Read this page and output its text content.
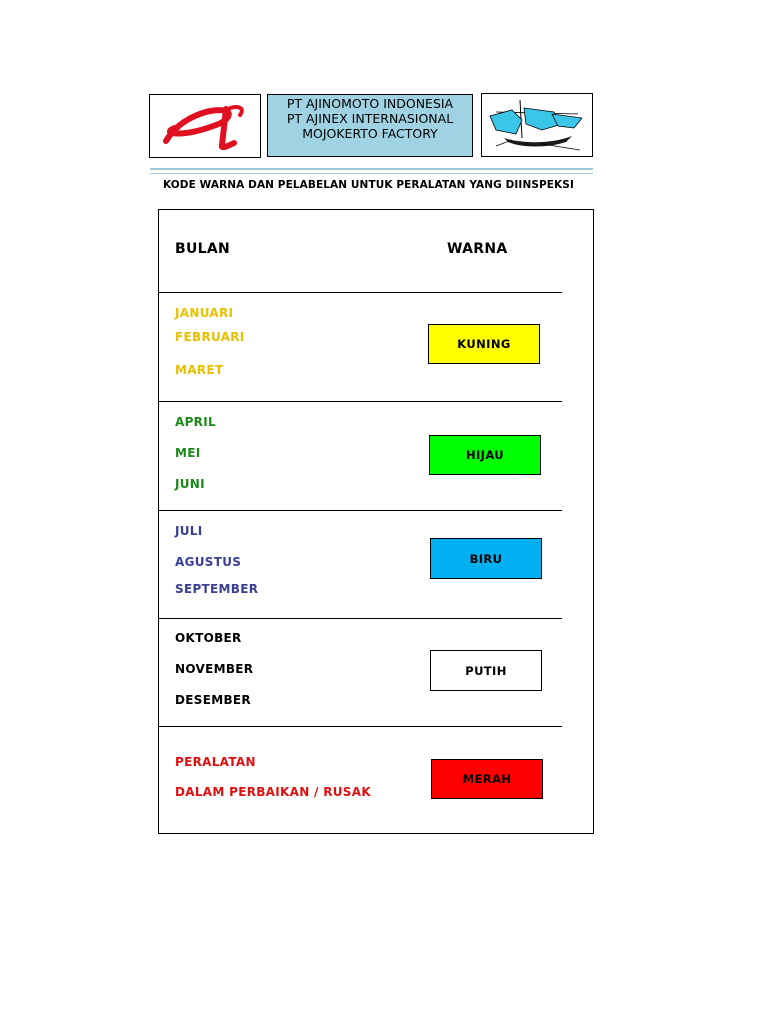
PT AJINOMOTO INDONESIA
PT AJINEX INTERNASIONAL
MOJOKERTO FACTORY
KODE WARNA DAN PELABELAN UNTUK PERALATAN YANG DIINSPEKSI
BULAN	WARNA
JANUARI
FEBRUARI
MARET
KUNING
APRIL
MEI
JUNI
HIJAU
JULI
AGUSTUS
SEPTEMBER
BIRU
OKTOBER
NOVEMBER
DESEMBER
PUTIH
PERALATAN
DALAM PERBAIKAN / RUSAK
MERAH
